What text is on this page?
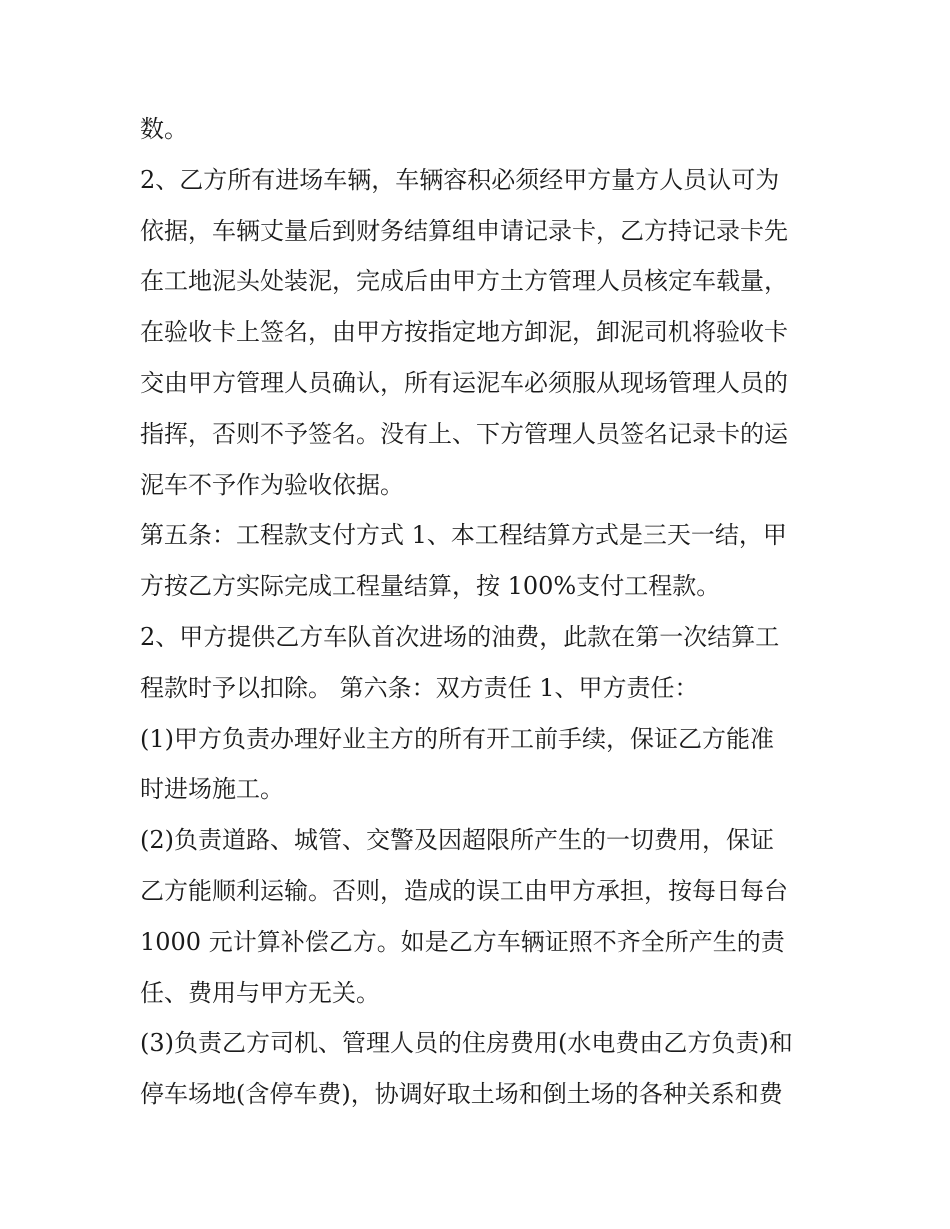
数。
2、乙方所有进场车辆，车辆容积必须经甲方量方人员认可为
依据，车辆丈量后到财务结算组申请记录卡，乙方持记录卡先
在工地泥头处装泥，完成后由甲方土方管理人员核定车载量，
在验收卡上签名，由甲方按指定地方卸泥，卸泥司机将验收卡
交由甲方管理人员确认，所有运泥车必须服从现场管理人员的
指挥，否则不予签名。没有上、下方管理人员签名记录卡的运
泥车不予作为验收依据。
第五条：工程款支付方式 1、本工程结算方式是三天一结，甲
方按乙方实际完成工程量结算，按 100%支付工程款。
2、甲方提供乙方车队首次进场的油费，此款在第一次结算工
程款时予以扣除。 第六条：双方责任 1、甲方责任：
(1)甲方负责办理好业主方的所有开工前手续，保证乙方能准
时进场施工。
(2)负责道路、城管、交警及因超限所产生的一切费用，保证
乙方能顺利运输。否则，造成的误工由甲方承担，按每日每台
1000 元计算补偿乙方。如是乙方车辆证照不齐全所产生的责
任、费用与甲方无关。
(3)负责乙方司机、管理人员的住房费用(水电费由乙方负责)和
停车场地(含停车费)，协调好取土场和倒土场的各种关系和费
